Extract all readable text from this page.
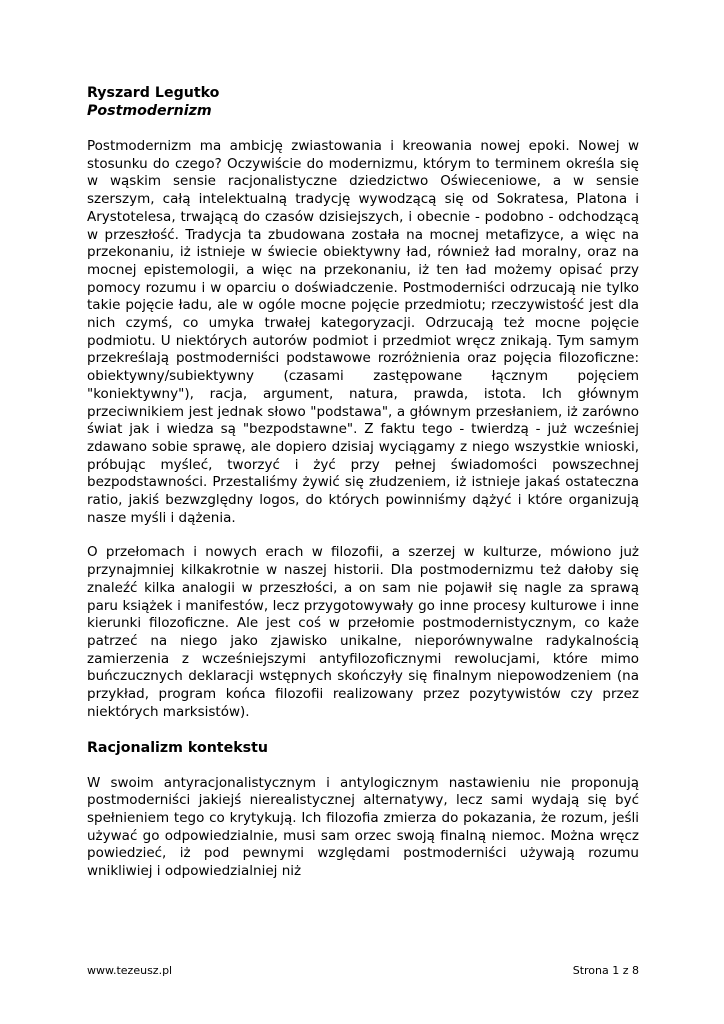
Ryszard Legutko

Postmodernizm

Postmodernizm ma ambicję zwiastowania i kreowania nowej epoki. Nowej w stosunku do czego? Oczywiście do modernizmu, którym to terminem określa się w wąskim sensie racjonalistyczne dziedzictwo Oświeceniowe, a w sensie szerszym, całą intelektualną tradycję wywodzącą się od Sokratesa, Platona i Arystotelesa, trwającą do czasów dzisiejszych, i obecnie - podobno - odchodzącą w przeszłość. Tradycja ta zbudowana została na mocnej metafizyce, a więc na przekonaniu, iż istnieje w świecie obiektywny ład, również ład moralny, oraz na mocnej epistemologii, a więc na przekonaniu, iż ten ład możemy opisać przy pomocy rozumu i w oparciu o doświadczenie. Postmoderniści odrzucają nie tylko takie pojęcie ładu, ale w ogóle mocne pojęcie przedmiotu; rzeczywistość jest dla nich czymś, co umyka trwałej kategoryzacji. Odrzucają też mocne pojęcie podmiotu. U niektórych autorów podmiot i przedmiot wręcz znikają. Tym samym przekreślają postmoderniści podstawowe rozróżnienia oraz pojęcia filozoficzne: obiektywny/subiektywny (czasami zastępowane łącznym pojęciem "koniektywny"), racja, argument, natura, prawda, istota. Ich głównym przeciwnikiem jest jednak słowo "podstawa", a głównym przesłaniem, iż zarówno świat jak i wiedza są "bezpodstawne". Z faktu tego - twierdzą - już wcześniej zdawano sobie sprawę, ale dopiero dzisiaj wyciągamy z niego wszystkie wnioski, próbując myśleć, tworzyć i żyć przy pełnej świadomości powszechnej bezpodstawności. Przestaliśmy żywić się złudzeniem, iż istnieje jakaś ostateczna ratio, jakiś bezwzględny logos, do których powinniśmy dążyć i które organizują nasze myśli i dążenia.

O przełomach i nowych erach w filozofii, a szerzej w kulturze, mówiono już przynajmniej kilkakrotnie w naszej historii. Dla postmodernizmu też dałoby się znaleźć kilka analogii w przeszłości, a on sam nie pojawił się nagle za sprawą paru książek i manifestów, lecz przygotowywały go inne procesy kulturowe i inne kierunki filozoficzne. Ale jest coś w przełomie postmodernistycznym, co każe patrzeć na niego jako zjawisko unikalne, nieporównywalne radykalnością zamierzenia z wcześniejszymi antyfilozoficznymi rewolucjami, które mimo buńczucznych deklaracji wstępnych skończyły się finalnym niepowodzeniem (na przykład, program końca filozofii realizowany przez pozytywistów czy przez niektórych marksistów).

Racjonalizm kontekstu

W swoim antyracjonalistycznym i antylogicznym nastawieniu nie proponują postmoderniści jakiejś nierealistycznej alternatywy, lecz sami wydają się być spełnieniem tego co krytykują. Ich filozofia zmierza do pokazania, że rozum, jeśli używać go odpowiedzialnie, musi sam orzec swoją finalną niemoc. Można wręcz powiedzieć, iż pod pewnymi względami postmoderniści używają rozumu wnikliwiej i odpowiedzialniej niż

www.tezeusz.pl	Strona 1 z 8
